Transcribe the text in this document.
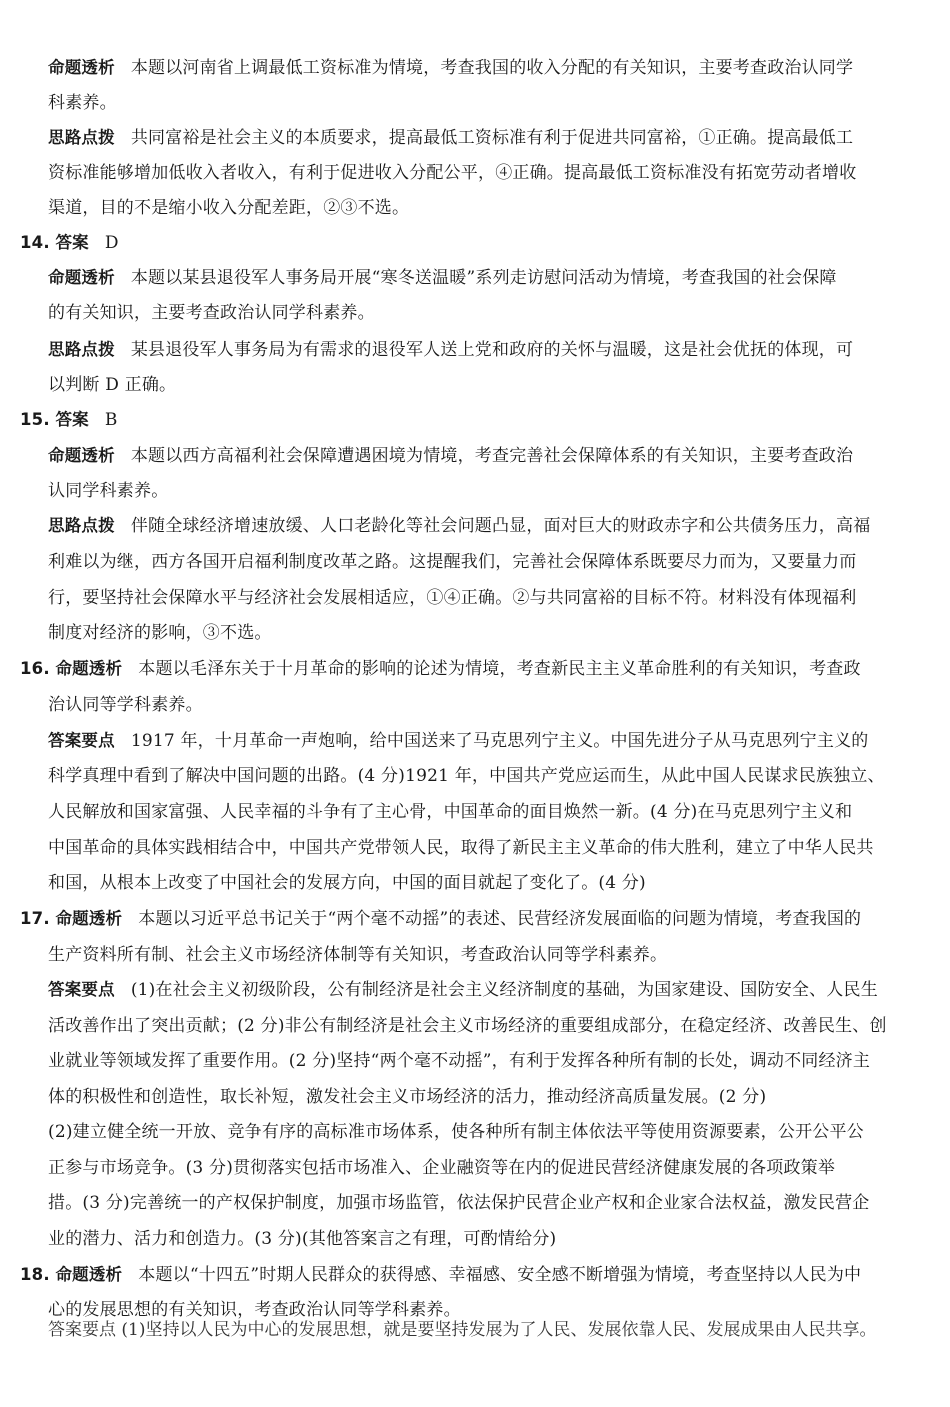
命题透析 本题以河南省上调最低工资标准为情境，考查我国的收入分配的有关知识，主要考查政治认同学
科素养。
思路点拨 共同富裕是社会主义的本质要求，提高最低工资标准有利于促进共同富裕，①正确。提高最低工
资标准能够增加低收入者收入，有利于促进收入分配公平，④正确。提高最低工资标准没有拓宽劳动者增收
渠道，目的不是缩小收入分配差距，②③不选。
14. 答案 D
命题透析 本题以某县退役军人事务局开展“寒冬送温暖”系列走访慰问活动为情境，考查我国的社会保障
的有关知识，主要考查政治认同学科素养。
思路点拨 某县退役军人事务局为有需求的退役军人送上党和政府的关怀与温暖，这是社会优抚的体现，可
以判断 D 正确。
15. 答案 B
命题透析 本题以西方高福利社会保障遭遇困境为情境，考查完善社会保障体系的有关知识，主要考查政治
认同学科素养。
思路点拨 伴随全球经济增速放缓、人口老龄化等社会问题凸显，面对巨大的财政赤字和公共债务压力，高福
利难以为继，西方各国开启福利制度改革之路。这提醒我们，完善社会保障体系既要尽力而为，又要量力而
行，要坚持社会保障水平与经济社会发展相适应，①④正确。②与共同富裕的目标不符。材料没有体现福利
制度对经济的影响，③不选。
16. 命题透析 本题以毛泽东关于十月革命的影响的论述为情境，考查新民主主义革命胜利的有关知识，考查政
治认同等学科素养。
答案要点 1917 年，十月革命一声炮响，给中国送来了马克思列宁主义。中国先进分子从马克思列宁主义的
科学真理中看到了解决中国问题的出路。(4 分)1921 年，中国共产党应运而生，从此中国人民谋求民族独立、
人民解放和国家富强、人民幸福的斗争有了主心骨，中国革命的面目焕然一新。(4 分)在马克思列宁主义和
中国革命的具体实践相结合中，中国共产党带领人民，取得了新民主主义革命的伟大胜利，建立了中华人民共
和国，从根本上改变了中国社会的发展方向，中国的面目就起了变化了。(4 分)
17. 命题透析 本题以习近平总书记关于“两个毫不动摇”的表述、民营经济发展面临的问题为情境，考查我国的
生产资料所有制、社会主义市场经济体制等有关知识，考查政治认同等学科素养。
答案要点 (1)在社会主义初级阶段，公有制经济是社会主义经济制度的基础，为国家建设、国防安全、人民生
活改善作出了突出贡献；(2 分)非公有制经济是社会主义市场经济的重要组成部分，在稳定经济、改善民生、创
业就业等领域发挥了重要作用。(2 分)坚持“两个毫不动摇”，有利于发挥各种所有制的长处，调动不同经济主
体的积极性和创造性，取长补短，激发社会主义市场经济的活力，推动经济高质量发展。(2 分)
(2)建立健全统一开放、竞争有序的高标准市场体系，使各种所有制主体依法平等使用资源要素，公开公平公
正参与市场竞争。(3 分)贯彻落实包括市场准入、企业融资等在内的促进民营经济健康发展的各项政策举
措。(3 分)完善统一的产权保护制度，加强市场监管，依法保护民营企业产权和企业家合法权益，激发民营企
业的潜力、活力和创造力。(3 分)(其他答案言之有理，可酌情给分)
18. 命题透析 本题以“十四五”时期人民群众的获得感、幸福感、安全感不断增强为情境，考查坚持以人民为中
心的发展思想的有关知识，考查政治认同等学科素养。
答案要点 (1)坚持以人民为中心的发展思想，就是要坚持发展为了人民、发展依靠人民、发展成果由人民共享。
